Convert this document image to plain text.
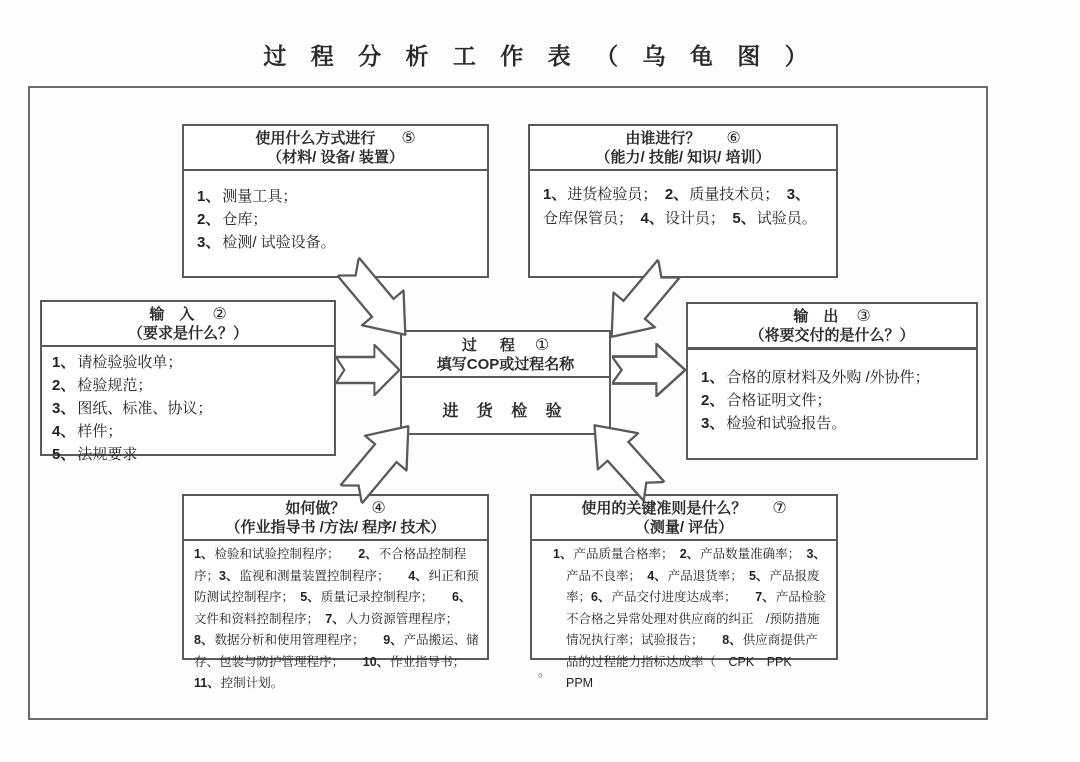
过 程 分 析 工 作 表 （ 乌 龟 图 ）
使用什么方式进行 ⑤
（材料/ 设备/ 装置）
1、 测量工具；
2、 仓库；
3、 检测/ 试验设备。
由谁进行？ ⑥
（能力/ 技能/ 知识/ 培训）

1、进货检验员；　2、质量技术员；　3、仓库保管员；　4、设计员；　5、试验员。

输　入 ②
（要求是什么？）
1、 请检验验收单；
2、 检验规范；
3、 图纸、标准、协议；
4、 样件；
5、 法规要求
过　程 ①
填写COP或过程名称
进 货 检 验
输　出 ③
（将要交付的是什么？）
1、 合格的原材料及外购 /外协件；
2、 合格证明文件；
3、 检验和试验报告。
如何做？ ④
（作业指导书 /方法/ 程序/ 技术）

1、检验和试验控制程序；　　2、不合格品控制程序；3、监视和测量装置控制程序；　　4、纠正和预防测试控制程序；　5、质量记录控制程序；　　6、文件和资料控制程序；　7、人力资源管理程序；　　8、数据分析和使用管理程序；　　9、产品搬运、储存、包装与防护管理程序；　　10、作业指导书；　　11、控制计划。

使用的关键准则是什么？ ⑦
（测量/ 评估）

1、产品质量合格率；　2、产品数量准确率；　3、产品不良率；　4、产品退货率；　5、产品报废率；6、产品交付进度达成率；　　7、产品检验不合格之异常处理对供应商的纠正　/预防措施情况执行率；试验报告；　　8、供应商提供产品的过程能力指标达成率（　CPK　PPK　PPM

。
